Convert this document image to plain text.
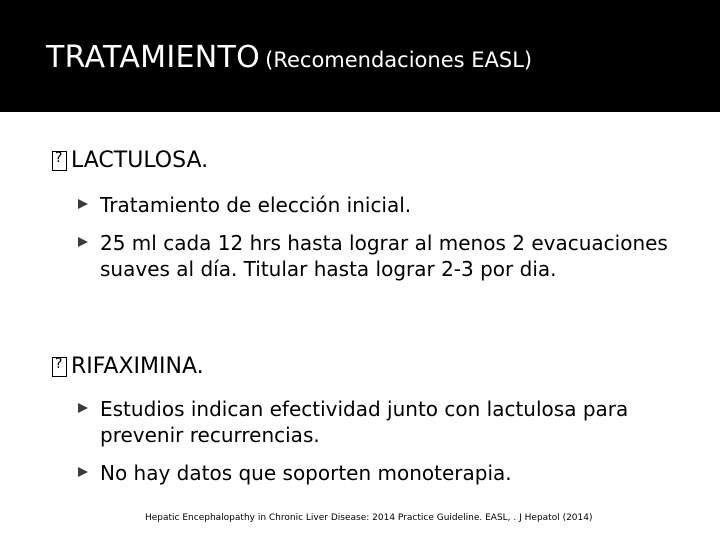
TRATAMIENTO (Recomendaciones EASL)
?
LACTULOSA.
Tratamiento de elección inicial.
25 ml cada 12 hrs hasta lograr al menos 2 evacuaciones suaves al día. Titular hasta lograr 2-3 por dia.
?
RIFAXIMINA.
Estudios indican efectividad junto con lactulosa para prevenir recurrencias.
No hay datos que soporten monoterapia.
Hepatic Encephalopathy in Chronic Liver Disease: 2014 Practice Guideline. EASL, . J Hepatol (2014)
